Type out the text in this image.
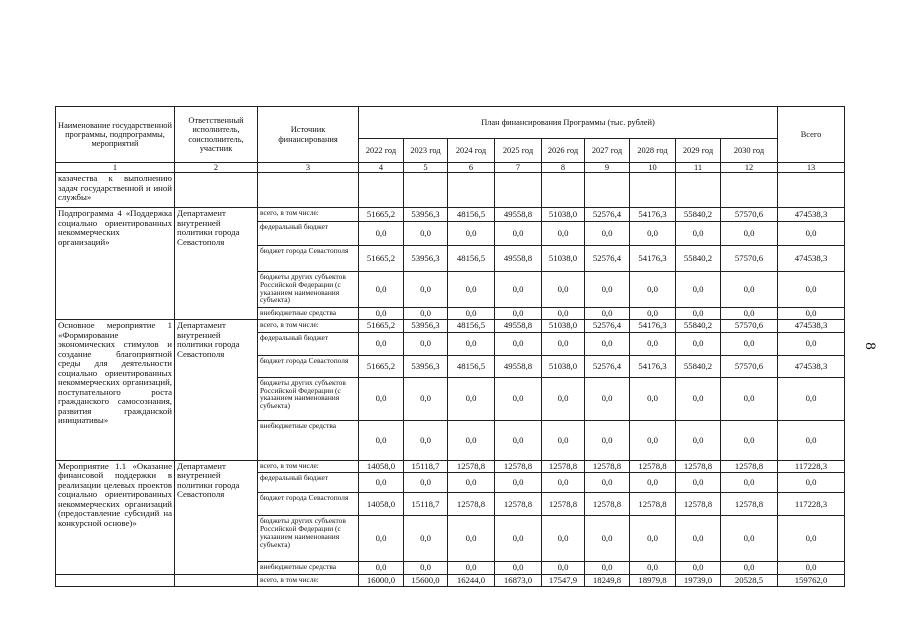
8
Наименование государственной программы, подпрограммы, мероприятий	Ответственный исполнитель, соисполнитель, участник	Источник финансирования	План финансирования Программы (тыс. рублей)									Всего
			2022 год	2023 год	2024 год	2025 год	2026 год	2027 год	2028 год	2029 год	2030 год	
1	2	3	4	5	6	7	8	9	10	11	12	13
казачества к выполнению задач государственной и иной службы»												
Подпрограмма 4 «Поддержка социально ориентированных некоммерческих организаций»	Департамент внутренней политики города Севастополя	всего, в том числе:	51665,2	53956,3	48156,5	49558,8	51038,0	52576,4	54176,3	55840,2	57570,6	474538,3
		федеральный бюджет	0,0	0,0	0,0	0,0	0,0	0,0	0,0	0,0	0,0	0,0
		бюджет города Севастополя	51665,2	53956,3	48156,5	49558,8	51038,0	52576,4	54176,3	55840,2	57570,6	474538,3
		бюджеты других субъектов Российской Федерации (с указанием наименования субъекта)	0,0	0,0	0,0	0,0	0,0	0,0	0,0	0,0	0,0	0,0
		внебюджетные средства	0,0	0,0	0,0	0,0	0,0	0,0	0,0	0,0	0,0	0,0
Основное мероприятие 1 «Формирование экономических стимулов и создание благоприятной среды для деятельности социально ориентированных некоммерческих организаций, поступательного роста гражданского самосознания, развития гражданской инициативы»	Департамент внутренней политики города Севастополя	всего, в том числе:	51665,2	53956,3	48156,5	49558,8	51038,0	52576,4	54176,3	55840,2	57570,6	474538,3
		федеральный бюджет	0,0	0,0	0,0	0,0	0,0	0,0	0,0	0,0	0,0	0,0
		бюджет города Севастополя	51665,2	53956,3	48156,5	49558,8	51038,0	52576,4	54176,3	55840,2	57570,6	474538,3
		бюджеты других субъектов Российской Федерации (с указанием наименования субъекта)	0,0	0,0	0,0	0,0	0,0	0,0	0,0	0,0	0,0	0,0
		внебюджетные средства	0,0	0,0	0,0	0,0	0,0	0,0	0,0	0,0	0,0	0,0
Мероприятие 1.1 «Оказание финансовой поддержки в реализации целевых проектов социально ориентированных некоммерческих организаций (предоставление субсидий на конкурсной основе)»	Департамент внутренней политики города Севастополя	всего, в том числе:	14058,0	15118,7	12578,8	12578,8	12578,8	12578,8	12578,8	12578,8	12578,8	117228,3
		федеральный бюджет	0,0	0,0	0,0	0,0	0,0	0,0	0,0	0,0	0,0	0,0
		бюджет города Севастополя	14058,0	15118,7	12578,8	12578,8	12578,8	12578,8	12578,8	12578,8	12578,8	117228,3
		бюджеты других субъектов Российской Федерации (с указанием наименования субъекта)	0,0	0,0	0,0	0,0	0,0	0,0	0,0	0,0	0,0	0,0
		внебюджетные средства	0,0	0,0	0,0	0,0	0,0	0,0	0,0	0,0	0,0	0,0
		всего, в том числе:	16000,0	15600,0	16244,0	16873,0	17547,9	18249,8	18979,8	19739,0	20528,5	159762,0
